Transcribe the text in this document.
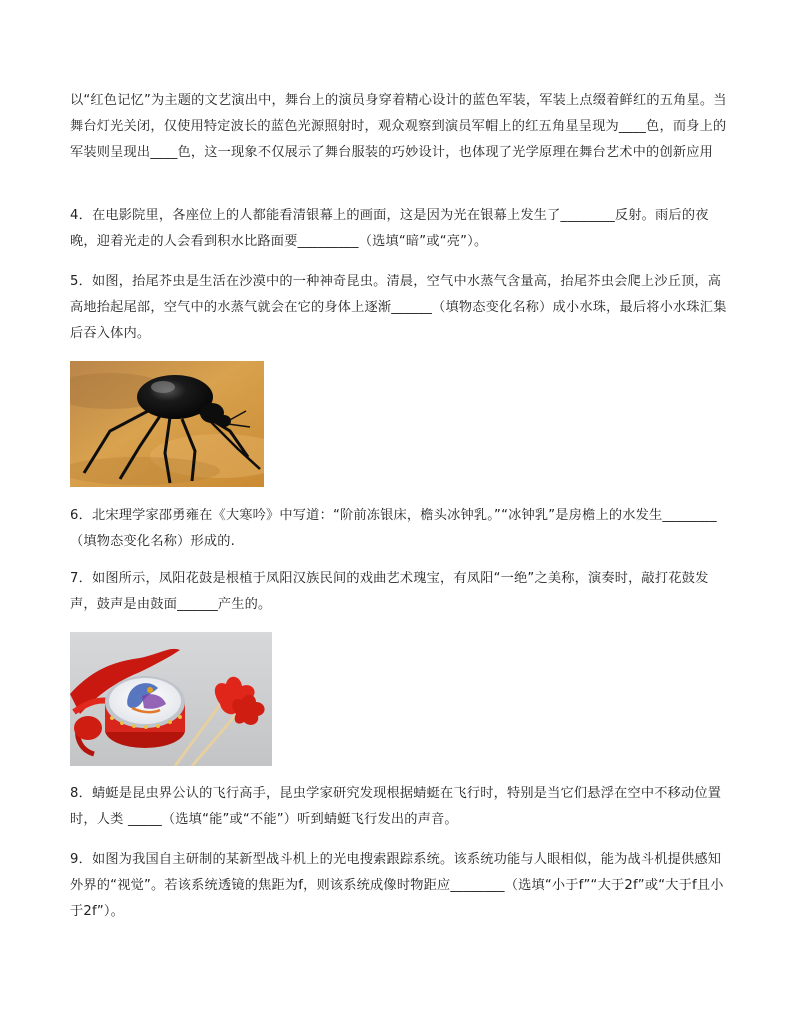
以“红色记忆”为主题的文艺演出中，舞台上的演员身穿着精心设计的蓝色军装，军装上点缀着鲜红的五角星。当舞台灯光关闭，仅使用特定波长的蓝色光源照射时，观众观察到演员军帽上的红五角星呈现为____色，而身上的军装则呈现出____色，这一现象不仅展示了舞台服装的巧妙设计，也体现了光学原理在舞台艺术中的创新应用

4．在电影院里，各座位上的人都能看清银幕上的画面，这是因为光在银幕上发生了________反射。雨后的夜晚，迎着光走的人会看到积水比路面要_________（选填“暗”或“亮”）。

5．如图，抬尾芥虫是生活在沙漠中的一种神奇昆虫。清晨，空气中水蒸气含量高，抬尾芥虫会爬上沙丘顶，高高地抬起尾部，空气中的水蒸气就会在它的身体上逐渐______（填物态变化名称）成小水珠，最后将小水珠汇集后吞入体内。

6．北宋理学家邵勇雍在《大寒吟》中写道：“阶前冻银床，檐头冰钟乳。”“冰钟乳”是房檐上的水发生________（填物态变化名称）形成的.

7．如图所示，凤阳花鼓是根植于凤阳汉族民间的戏曲艺术瑰宝，有凤阳“一绝”之美称，演奏时，敲打花鼓发声，鼓声是由鼓面______产生的。

8．蜻蜓是昆虫界公认的飞行高手，昆虫学家研究发现根据蜻蜓在飞行时，特别是当它们悬浮在空中不移动位置时，人类 _____（选填“能”或“不能”）听到蜻蜓飞行发出的声音。

9．如图为我国自主研制的某新型战斗机上的光电搜索跟踪系统。该系统功能与人眼相似，能为战斗机提供感知外界的“视觉”。若该系统透镜的焦距为f，则该系统成像时物距应________（选填“小于f”“大于2f”或“大于f且小于2f”）。
